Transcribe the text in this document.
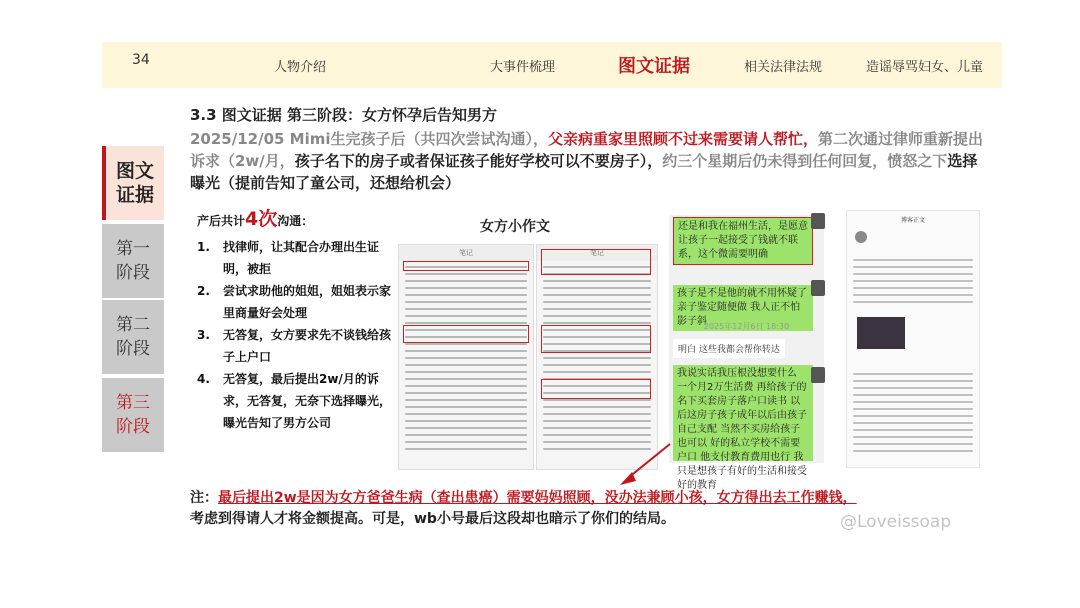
34	人物介绍	大事件梳理	图文证据	相关法律法规	造谣辱骂妇女、儿童
图文
证据
第一
阶段
第二
阶段
第三
阶段
3.3 图文证据 第三阶段：女方怀孕后告知男方
2025/12/05 Mimi生完孩子后（共四次尝试沟通），父亲病重家里照顾不过来需要请人帮忙，第二次通过律师重新提出诉求（2w/月，孩子名下的房子或者保证孩子能好学校可以不要房子），约三个星期后仍未得到任何回复，愤怒之下选择曝光（提前告知了童公司，还想给机会）
产后共计4次沟通：
1. 找律师，让其配合办理出生证明，被拒
2. 尝试求助他的姐姐，姐姐表示家里商量好会处理
3. 无答复，女方要求先不谈钱给孩子上户口
4. 无答复，最后提出2w/月的诉求，无答复，无奈下选择曝光，曝光告知了男方公司
女方小作文
笔记	笔记
还是和我在福州生活，是愿意让孩子一起接受了钱就不联系，这个微需要明确
孩子是不是他的就不用怀疑了 亲子鉴定随便做 我人正不怕影子斜
2025年12月6日 18:30
明白 这些我都会帮你转达
我说实话我压根没想要什么 一个月2万生活费 再给孩子的名下买套房子落户口读书 以后这房子孩子成年以后由孩子自己支配 当然不买房给孩子也可以 好的私立学校不需要户口 他支付教育费用也行 我只是想孩子有好的生活和接受好的教育
博客正文
注：最后提出2w是因为女方爸爸生病（查出患癌）需要妈妈照顾，没办法兼顾小孩，女方得出去工作赚钱，
考虑到得请人才将金额提高。可是，wb小号最后这段却也暗示了你们的结局。	@Loveissoap
